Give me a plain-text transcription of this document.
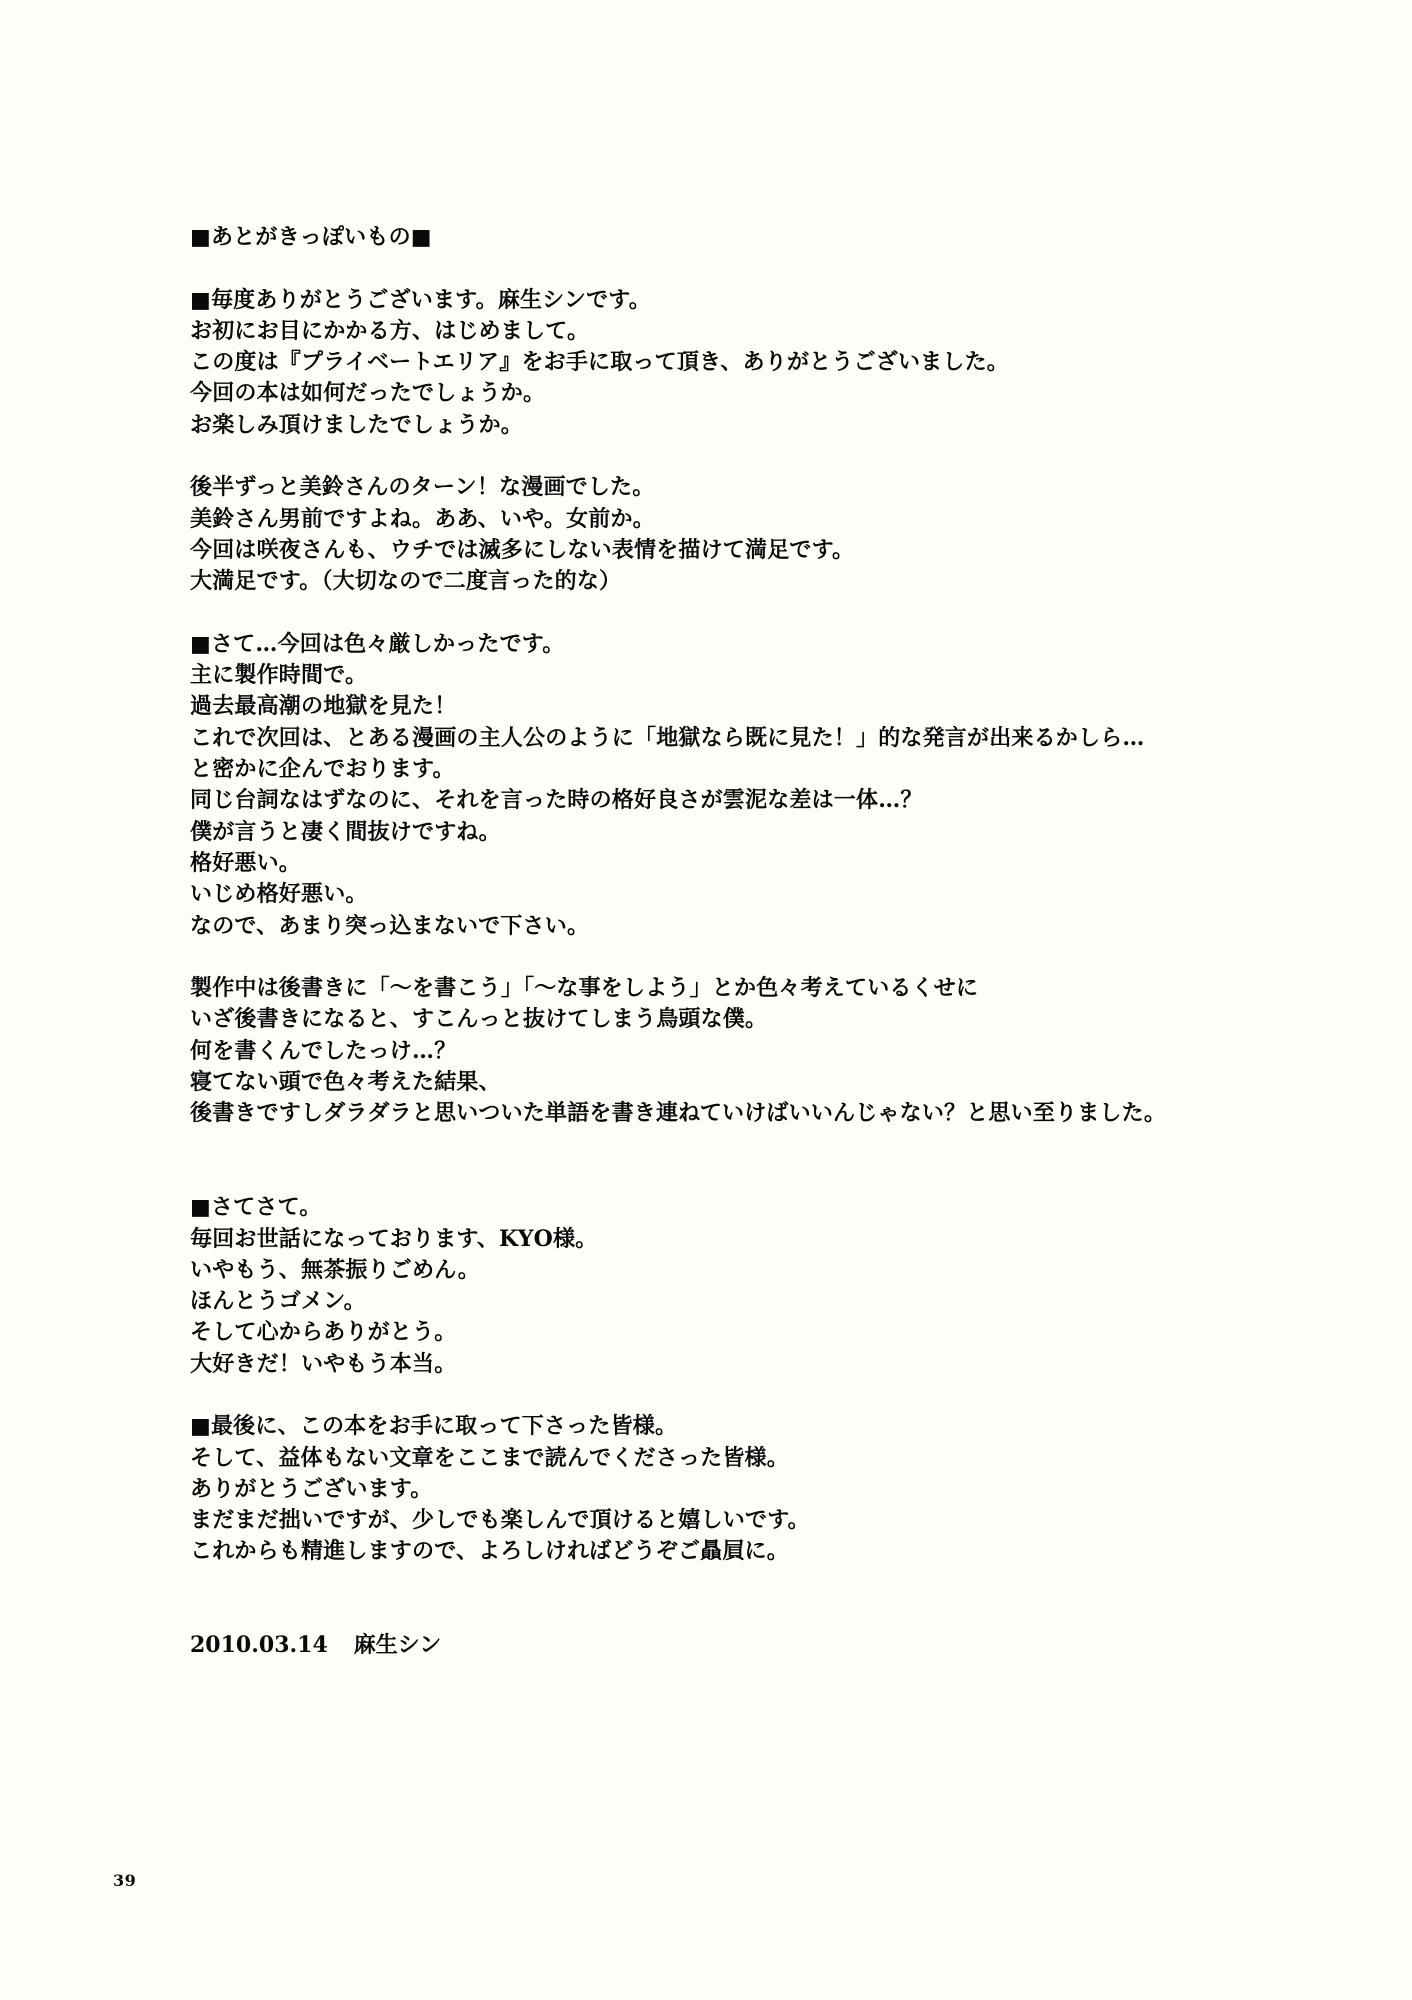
■あとがきっぽいもの■
■毎度ありがとうございます。麻生シンです。
お初にお目にかかる方、はじめまして。
この度は『プライベートエリア』をお手に取って頂き、ありがとうございました。
今回の本は如何だったでしょうか。
お楽しみ頂けましたでしょうか。
後半ずっと美鈴さんのターン！な漫画でした。
美鈴さん男前ですよね。ああ、いや。女前か。
今回は咲夜さんも、ウチでは滅多にしない表情を描けて満足です。
大満足です。（大切なので二度言った的な）
■さて…今回は色々厳しかったです。
主に製作時間で。
過去最高潮の地獄を見た！
これで次回は、とある漫画の主人公のように「地獄なら既に見た！」的な発言が出来るかしら…
と密かに企んでおります。
同じ台詞なはずなのに、それを言った時の格好良さが雲泥な差は一体…？
僕が言うと凄く間抜けですね。
格好悪い。
いじめ格好悪い。
なので、あまり突っ込まないで下さい。
製作中は後書きに「～を書こう」「～な事をしよう」とか色々考えているくせに
いざ後書きになると、すこんっと抜けてしまう鳥頭な僕。
何を書くんでしたっけ…？
寝てない頭で色々考えた結果、
後書きですしダラダラと思いついた単語を書き連ねていけばいいんじゃない？と思い至りました。
■さてさて。
毎回お世話になっております、KYO様。
いやもう、無茶振りごめん。
ほんとうゴメン。
そして心からありがとう。
大好きだ！いやもう本当。
■最後に、この本をお手に取って下さった皆様。
そして、益体もない文章をここまで読んでくださった皆様。
ありがとうございます。
まだまだ拙いですが、少しでも楽しんで頂けると嬉しいです。
これからも精進しますので、よろしければどうぞご贔屓に。
2010.03.14 麻生シン
39
